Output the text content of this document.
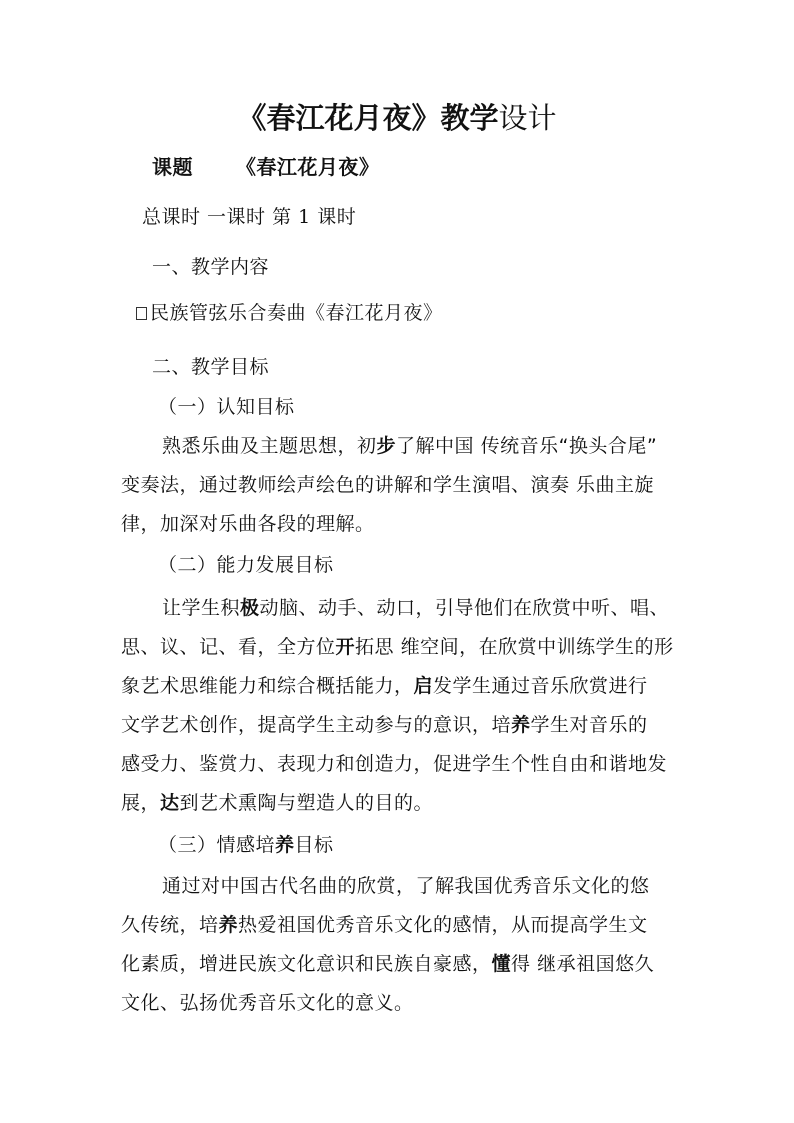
《春江花月夜》教学设计
课题 《春江花月夜》
总课时 一课时 第 1 课时
一、教学内容
民族管弦乐合奏曲《春江花月夜》
二、教学目标
（一）认知目标
熟悉乐曲及主题思想，初步了解中国 传统音乐“换头合尾”
变奏法，通过教师绘声绘色的讲解和学生演唱、演奏 乐曲主旋
律，加深对乐曲各段的理解。
（二）能力发展目标
让学生积极动脑、动手、动口，引导他们在欣赏中听、唱、
思、议、记、看，全方位开拓思 维空间，在欣赏中训练学生的形
象艺术思维能力和综合概括能力，启发学生通过音乐欣赏进行
文学艺术创作，提高学生主动参与的意识，培养学生对音乐的
感受力、鉴赏力、表现力和创造力，促进学生个性自由和谐地发
展，达到艺术熏陶与塑造人的目的。
（三）情感培养目标
通过对中国古代名曲的欣赏，了解我国优秀音乐文化的悠
久传统，培养热爱祖国优秀音乐文化的感情，从而提高学生文
化素质，增进民族文化意识和民族自豪感，懂得 继承祖国悠久
文化、弘扬优秀音乐文化的意义。
